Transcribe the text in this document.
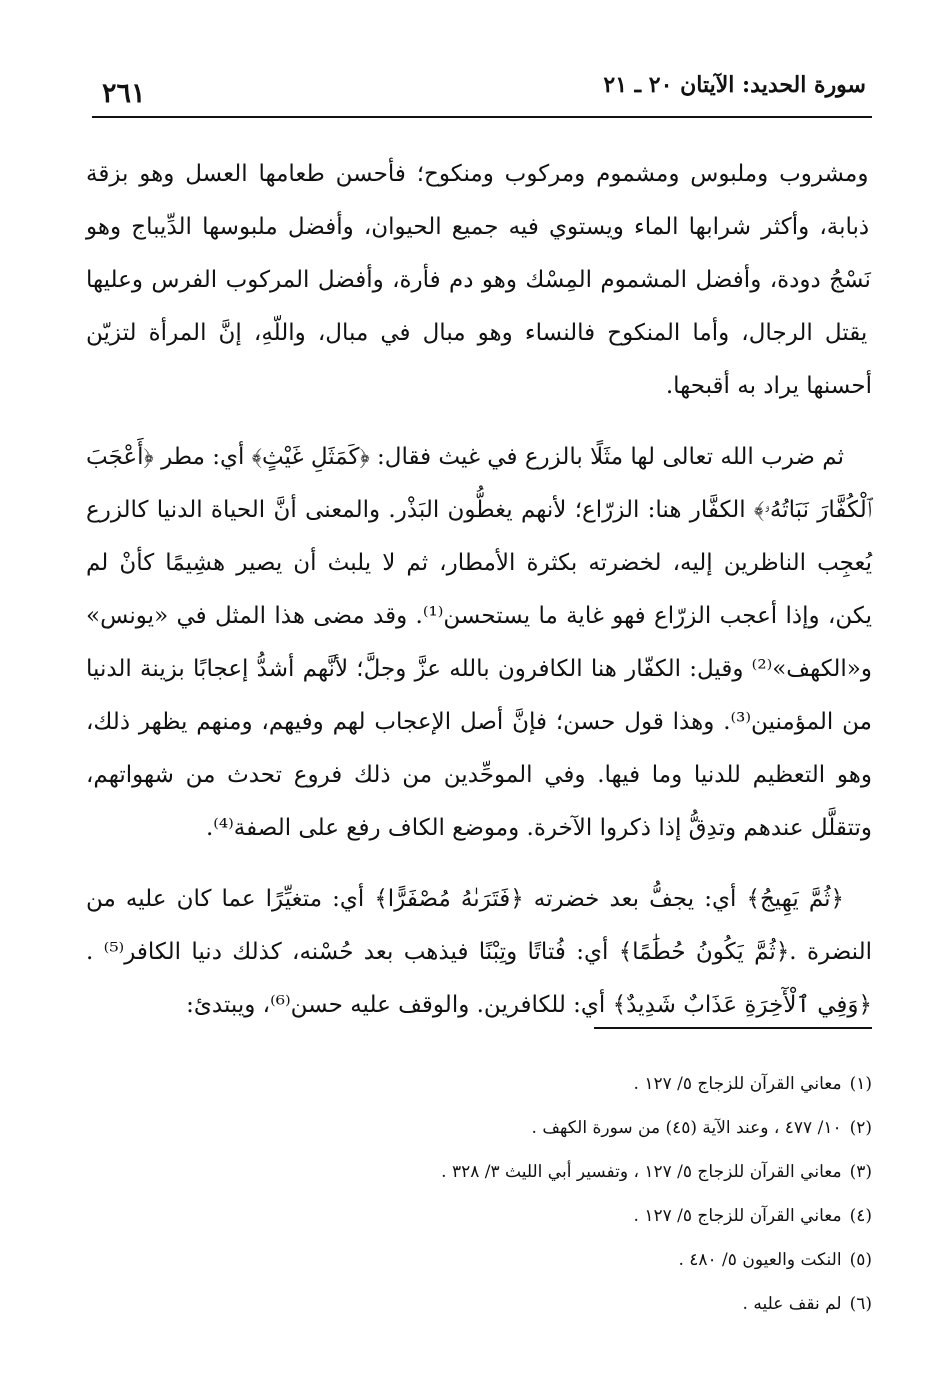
٢٦١	سورة الحديد: الآيتان ٢٠ ـ ٢١

ومشروب وملبوس ومشموم ومركوب ومنكوح؛ فأحسن طعامها العسل وهو بزقة ذبابة، وأكثر شرابها الماء ويستوي فيه جميع الحيوان، وأفضل ملبوسها الدِّيباج وهو نَسْجُ دودة، وأفضل المشموم المِسْك وهو دم فأرة، وأفضل المركوب الفرس وعليها يقتل الرجال، وأما المنكوح فالنساء وهو مبال في مبال، واللّهِ، إنَّ المرأة لتزيّن أحسنها يراد به أقبحها.

ثم ضرب الله تعالى لها مثَلًا بالزرع في غيث فقال: ﴿كَمَثَلِ غَيْثٍ﴾ أي: مطر ﴿أَعْجَبَ ٱلْكُفَّارَ نَبَاتُهُۥ﴾ الكفَّار هنا: الزرّاع؛ لأنهم يغطُّون البَذْر. والمعنى أنَّ الحياة الدنيا كالزرع يُعجِب الناظرين إليه، لخضرته بكثرة الأمطار، ثم لا يلبث أن يصير هشِيمًا كأنْ لم يكن، وإذا أعجب الزرّاع فهو غاية ما يستحسن⁽¹⁾. وقد مضى هذا المثل في «يونس» و«الكهف»⁽²⁾ وقيل: الكفّار هنا الكافرون بالله عزَّ وجلَّ؛ لأنَّهم أشدُّ إعجابًا بزينة الدنيا من المؤمنين⁽³⁾. وهذا قول حسن؛ فإنَّ أصل الإعجاب لهم وفيهم، ومنهم يظهر ذلك، وهو التعظيم للدنيا وما فيها. وفي الموحِّدين من ذلك فروع تحدث من شهواتهم، وتتقلَّل عندهم وتدِقُّ إذا ذكروا الآخرة. وموضع الكاف رفع على الصفة⁽⁴⁾.

﴿ثُمَّ يَهِيجُ﴾ أي: يجفُّ بعد خضرته ﴿فَتَرَىٰهُ مُصْفَرًّا﴾ أي: متغيِّرًا عما كان عليه من النضرة .﴿ثُمَّ يَكُونُ حُطَٰمًا﴾ أي: فُتاتًا وتِبْنًا فيذهب بعد حُسْنه، كذلك دنيا الكافر⁽⁵⁾ .﴿وَفِي ٱلْأٓخِرَةِ عَذَابٌ شَدِيدٌ﴾ أي: للكافرين. والوقف عليه حسن⁽⁶⁾، ويبتدئ:

(١)معاني القرآن للزجاج ٥/ ١٢٧ .
(٢)١٠/ ٤٧٧ ، وعند الآية (٤٥) من سورة الكهف .
(٣)معاني القرآن للزجاج ٥/ ١٢٧ ، وتفسير أبي الليث ٣/ ٣٢٨ .
(٤)معاني القرآن للزجاج ٥/ ١٢٧ .
(٥)النكت والعيون ٥/ ٤٨٠ .
(٦)لم نقف عليه .
